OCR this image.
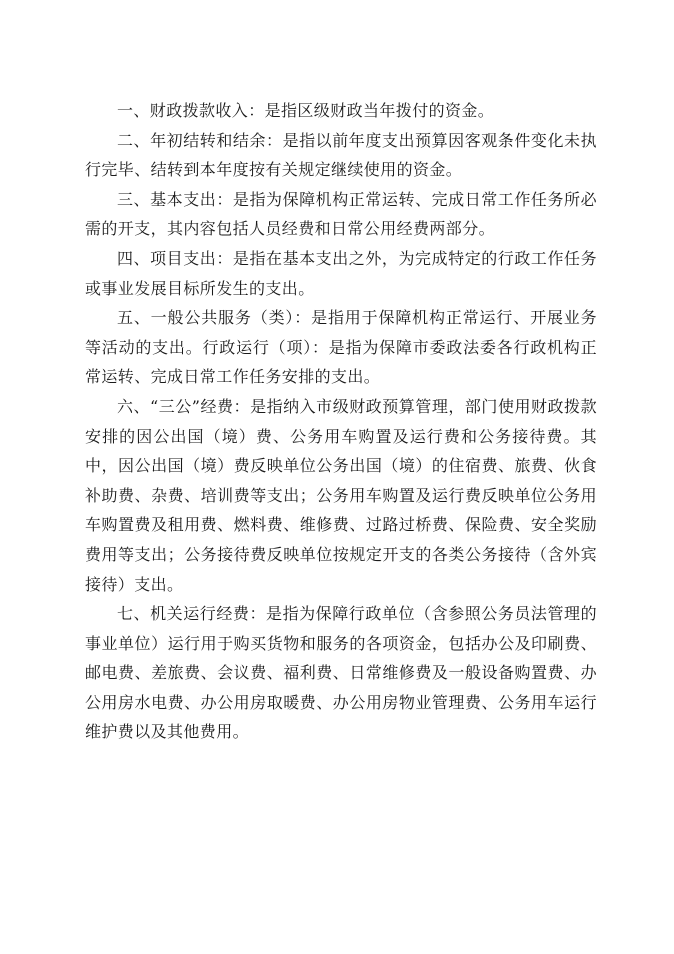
一、财政拨款收入：是指区级财政当年拨付的资金。

二、年初结转和结余：是指以前年度支出预算因客观条件变化未执行完毕、结转到本年度按有关规定继续使用的资金。

三、基本支出：是指为保障机构正常运转、完成日常工作任务所必需的开支，其内容包括人员经费和日常公用经费两部分。

四、项目支出：是指在基本支出之外，为完成特定的行政工作任务或事业发展目标所发生的支出。

五、一般公共服务（类）：是指用于保障机构正常运行、开展业务等活动的支出。行政运行（项）：是指为保障市委政法委各行政机构正常运转、完成日常工作任务安排的支出。

六、“三公”经费：是指纳入市级财政预算管理，部门使用财政拨款安排的因公出国（境）费、公务用车购置及运行费和公务接待费。其中，因公出国（境）费反映单位公务出国（境）的住宿费、旅费、伙食补助费、杂费、培训费等支出；公务用车购置及运行费反映单位公务用车购置费及租用费、燃料费、维修费、过路过桥费、保险费、安全奖励费用等支出；公务接待费反映单位按规定开支的各类公务接待（含外宾接待）支出。

七、机关运行经费：是指为保障行政单位（含参照公务员法管理的事业单位）运行用于购买货物和服务的各项资金，包括办公及印刷费、邮电费、差旅费、会议费、福利费、日常维修费及一般设备购置费、办公用房水电费、办公用房取暖费、办公用房物业管理费、公务用车运行维护费以及其他费用。
